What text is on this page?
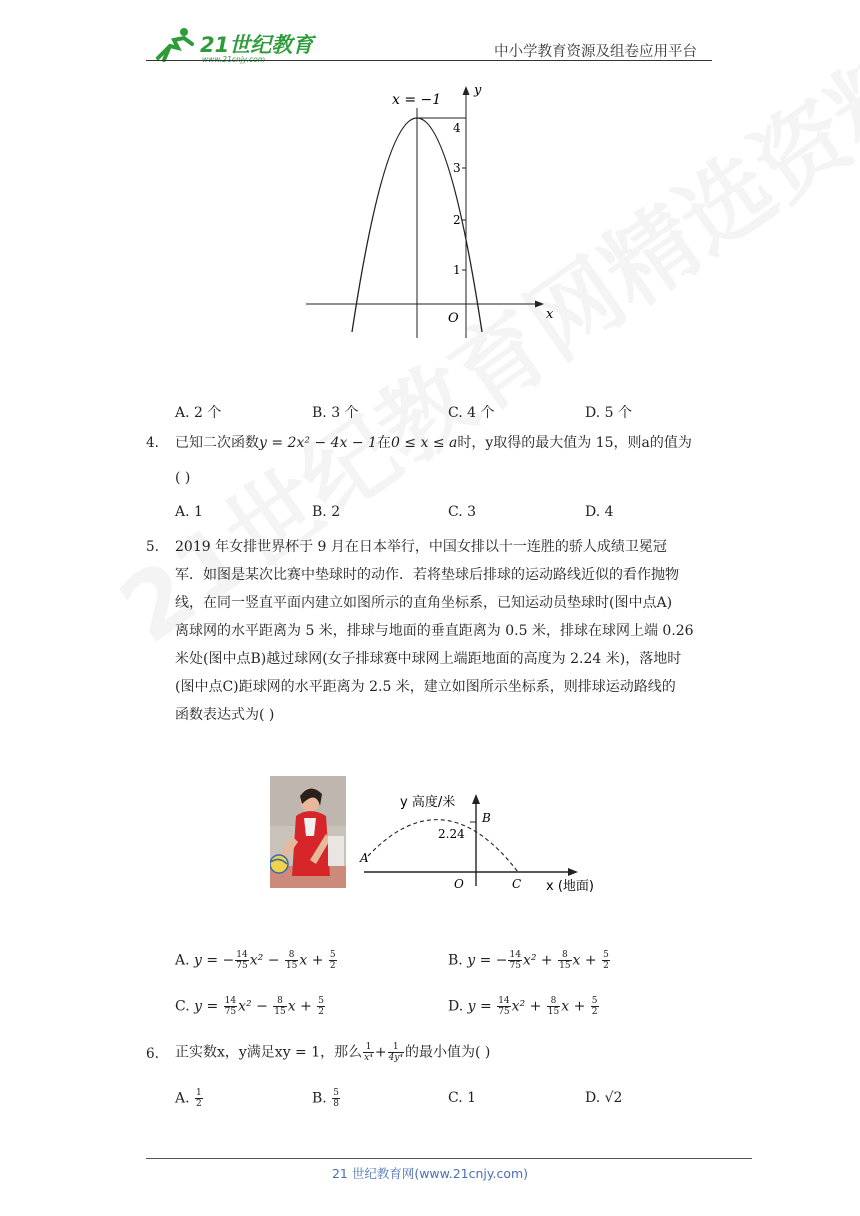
21世纪教育
www.21cnjy.com	中小学教育资源及组卷应用平台
x = −1
y
x
O
4
3
2
1
A. 2 个	B. 3 个	C. 4 个	D. 5 个
4. 已知二次函数y = 2x² − 4x − 1在0 ≤ x ≤ a时，y取得的最大值为 15，则a的值为
( )
A. 1	B. 2	C. 3	D. 4
5. 2019 年女排世界杯于 9 月在日本举行，中国女排以十一连胜的骄人成绩卫冕冠
军．如图是某次比赛中垫球时的动作．若将垫球后排球的运动路线近似的看作抛物
线，在同一竖直平面内建立如图所示的直角坐标系，已知运动员垫球时(图中点A)
离球网的水平距离为 5 米，排球与地面的垂直距离为 0.5 米，排球在球网上端 0.26
米处(图中点B)越过球网(女子排球赛中球网上端距地面的高度为 2.24 米)，落地时
(图中点C)距球网的水平距离为 2.5 米，建立如图所示坐标系，则排球运动路线的
函数表达式为( )
y 高度/米
x (地面)
2.24
A
B
O	C
A. y = − $\frac{14}{75} x^2 - \frac{8}{15}$ $x + \frac{5}{2}$	B. y = − $\frac{14}{75} x^2 + \frac{8}{15}$ $x + \frac{5}{2}$
C. $y = \frac{14}{75} x^2 - \frac{8}{15}$ $x + \frac{5}{2}$	D. $y = \frac{14}{75} x^2 + \frac{8}{15}$ $x + \frac{5}{2}$
6. 正实数x，y满足xy = 1，那么 $\frac{1}{\text{x⁴}} + \frac{1}{\text{4y⁴}}$ 的最小值为( )
A. $\frac{1}{2}$	B. $\frac{5}{8}$	C. 1	D. √2
21 世纪教育网(www.21cnjy.com)
